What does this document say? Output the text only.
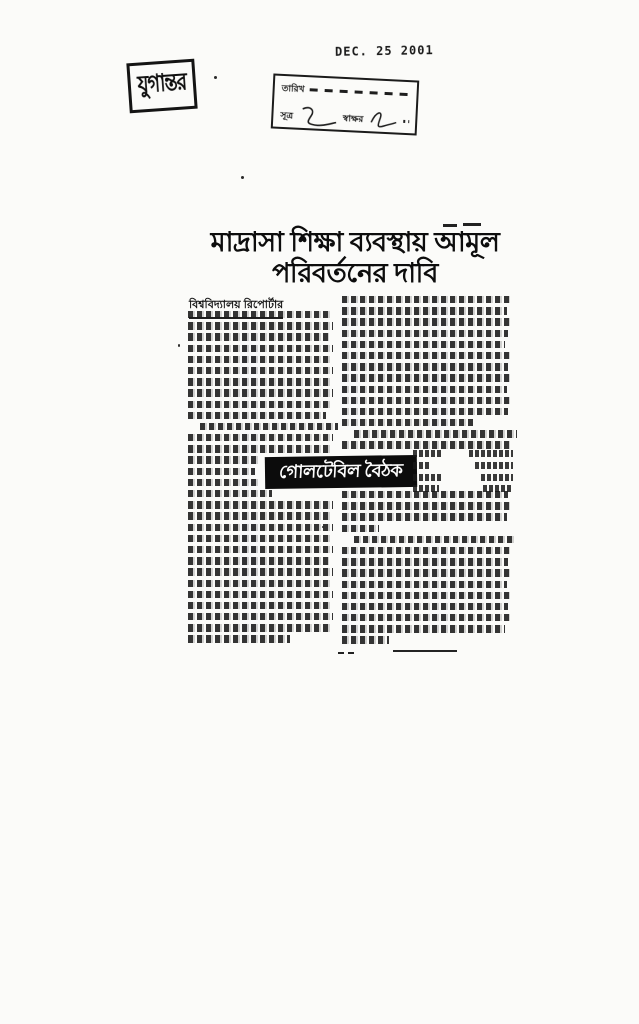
যুগান্তর
DEC. 25 2001
তারিখ
সূত্র	স্বাক্ষর
মাদ্রাসা শিক্ষা ব্যবস্থায় আমূল
পরিবর্তনের দাবি
বিশ্ববিদ্যালয় রিপোর্টার
গোলটেবিল বৈঠক
